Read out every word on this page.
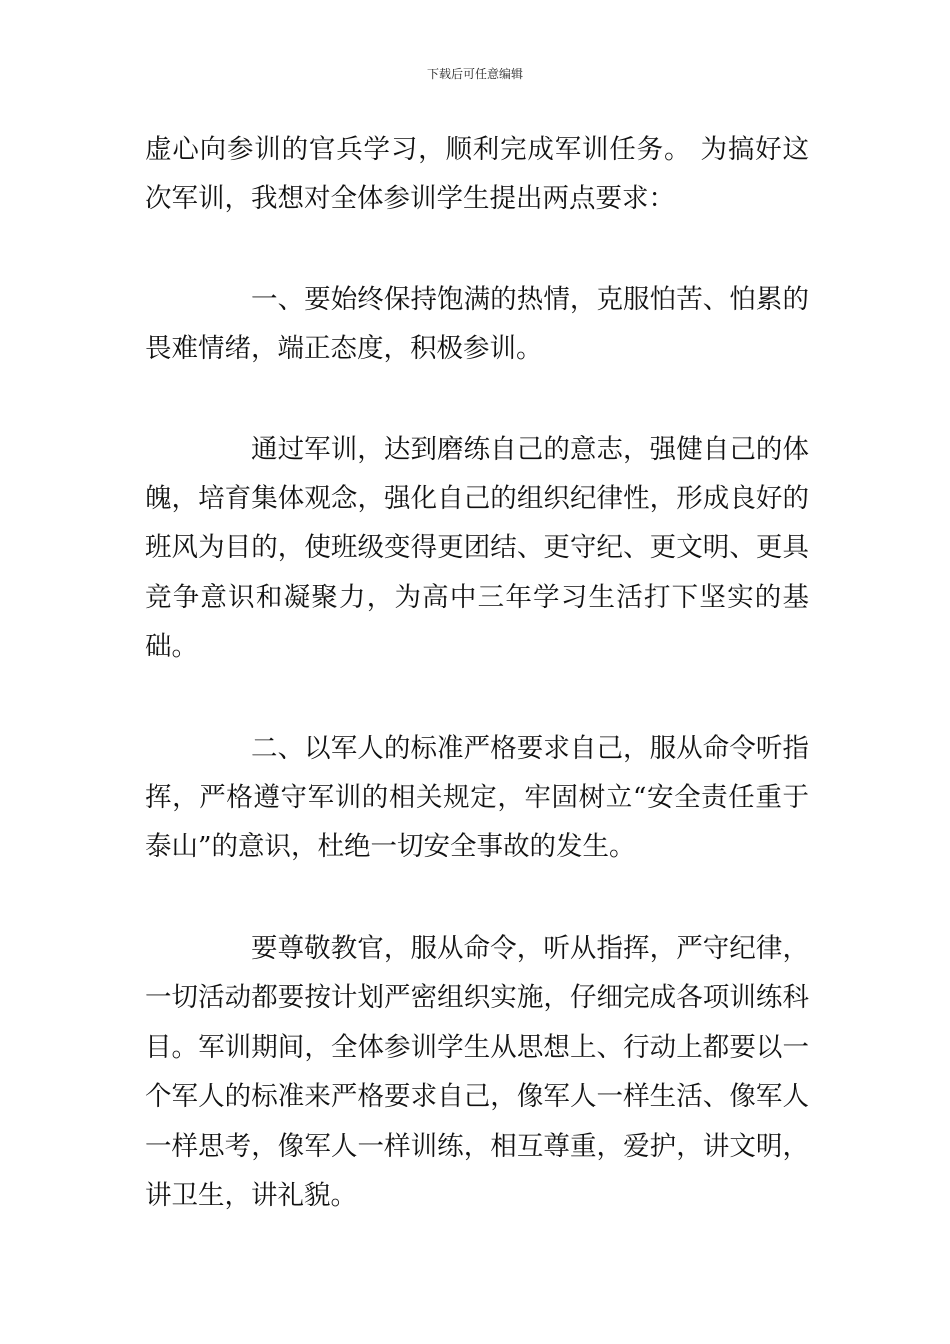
下载后可任意编辑

虚心向参训的官兵学习，顺利完成军训任务。 为搞好这次军训，我想对全体参训学生提出两点要求：

一、要始终保持饱满的热情，克服怕苦、怕累的畏难情绪，端正态度，积极参训。

通过军训，达到磨练自己的意志，强健自己的体魄，培育集体观念，强化自己的组织纪律性，形成良好的班风为目的，使班级变得更团结、更守纪、更文明、更具竞争意识和凝聚力，为高中三年学习生活打下坚实的基础。

二、以军人的标准严格要求自己，服从命令听指挥，严格遵守军训的相关规定，牢固树立“安全责任重于泰山”的意识，杜绝一切安全事故的发生。

要尊敬教官，服从命令，听从指挥，严守纪律，一切活动都要按计划严密组织实施，仔细完成各项训练科目。军训期间，全体参训学生从思想上、行动上都要以一个军人的标准来严格要求自己，像军人一样生活、像军人一样思考，像军人一样训练，相互尊重，爱护，讲文明，讲卫生，讲礼貌。
